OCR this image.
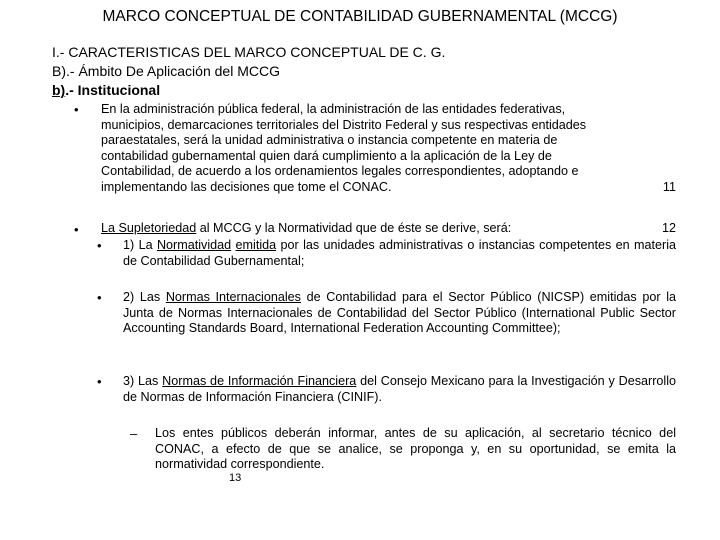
MARCO CONCEPTUAL DE CONTABILIDAD GUBERNAMENTAL (MCCG)
I.- CARACTERISTICAS DEL MARCO CONCEPTUAL DE C. G.
B).- Ámbito De Aplicación del MCCG
b).- Institucional
• En la administración pública federal, la administración de las entidades federativas,
municipios, demarcaciones territoriales del Distrito Federal y sus respectivas entidades
paraestatales, será la unidad administrativa o instancia competente en materia de
contabilidad gubernamental quien dará cumplimiento a la aplicación de la Ley de
Contabilidad, de acuerdo a los ordenamientos legales correspondientes, adoptando e
implementando las decisiones que tome el CONAC.	11
• La Supletoriedad al MCCG y la Normatividad que de éste se derive, será:	12
• 1) La Normatividad emitida por las unidades administrativas o instancias competentes en materia de Contabilidad Gubernamental;
• 2) Las Normas Internacionales de Contabilidad para el Sector Público (NICSP) emitidas por la Junta de Normas Internacionales de Contabilidad del Sector Público (International Public Sector Accounting Standards Board, International Federation Accounting Committee);
• 3) Las Normas de Información Financiera del Consejo Mexicano para la Investigación y Desarrollo de Normas de Información Financiera (CINIF).
– Los entes públicos deberán informar, antes de su aplicación, al secretario técnico del CONAC, a efecto de que se analice, se proponga y, en su oportunidad, se emita la normatividad correspondiente.
13
